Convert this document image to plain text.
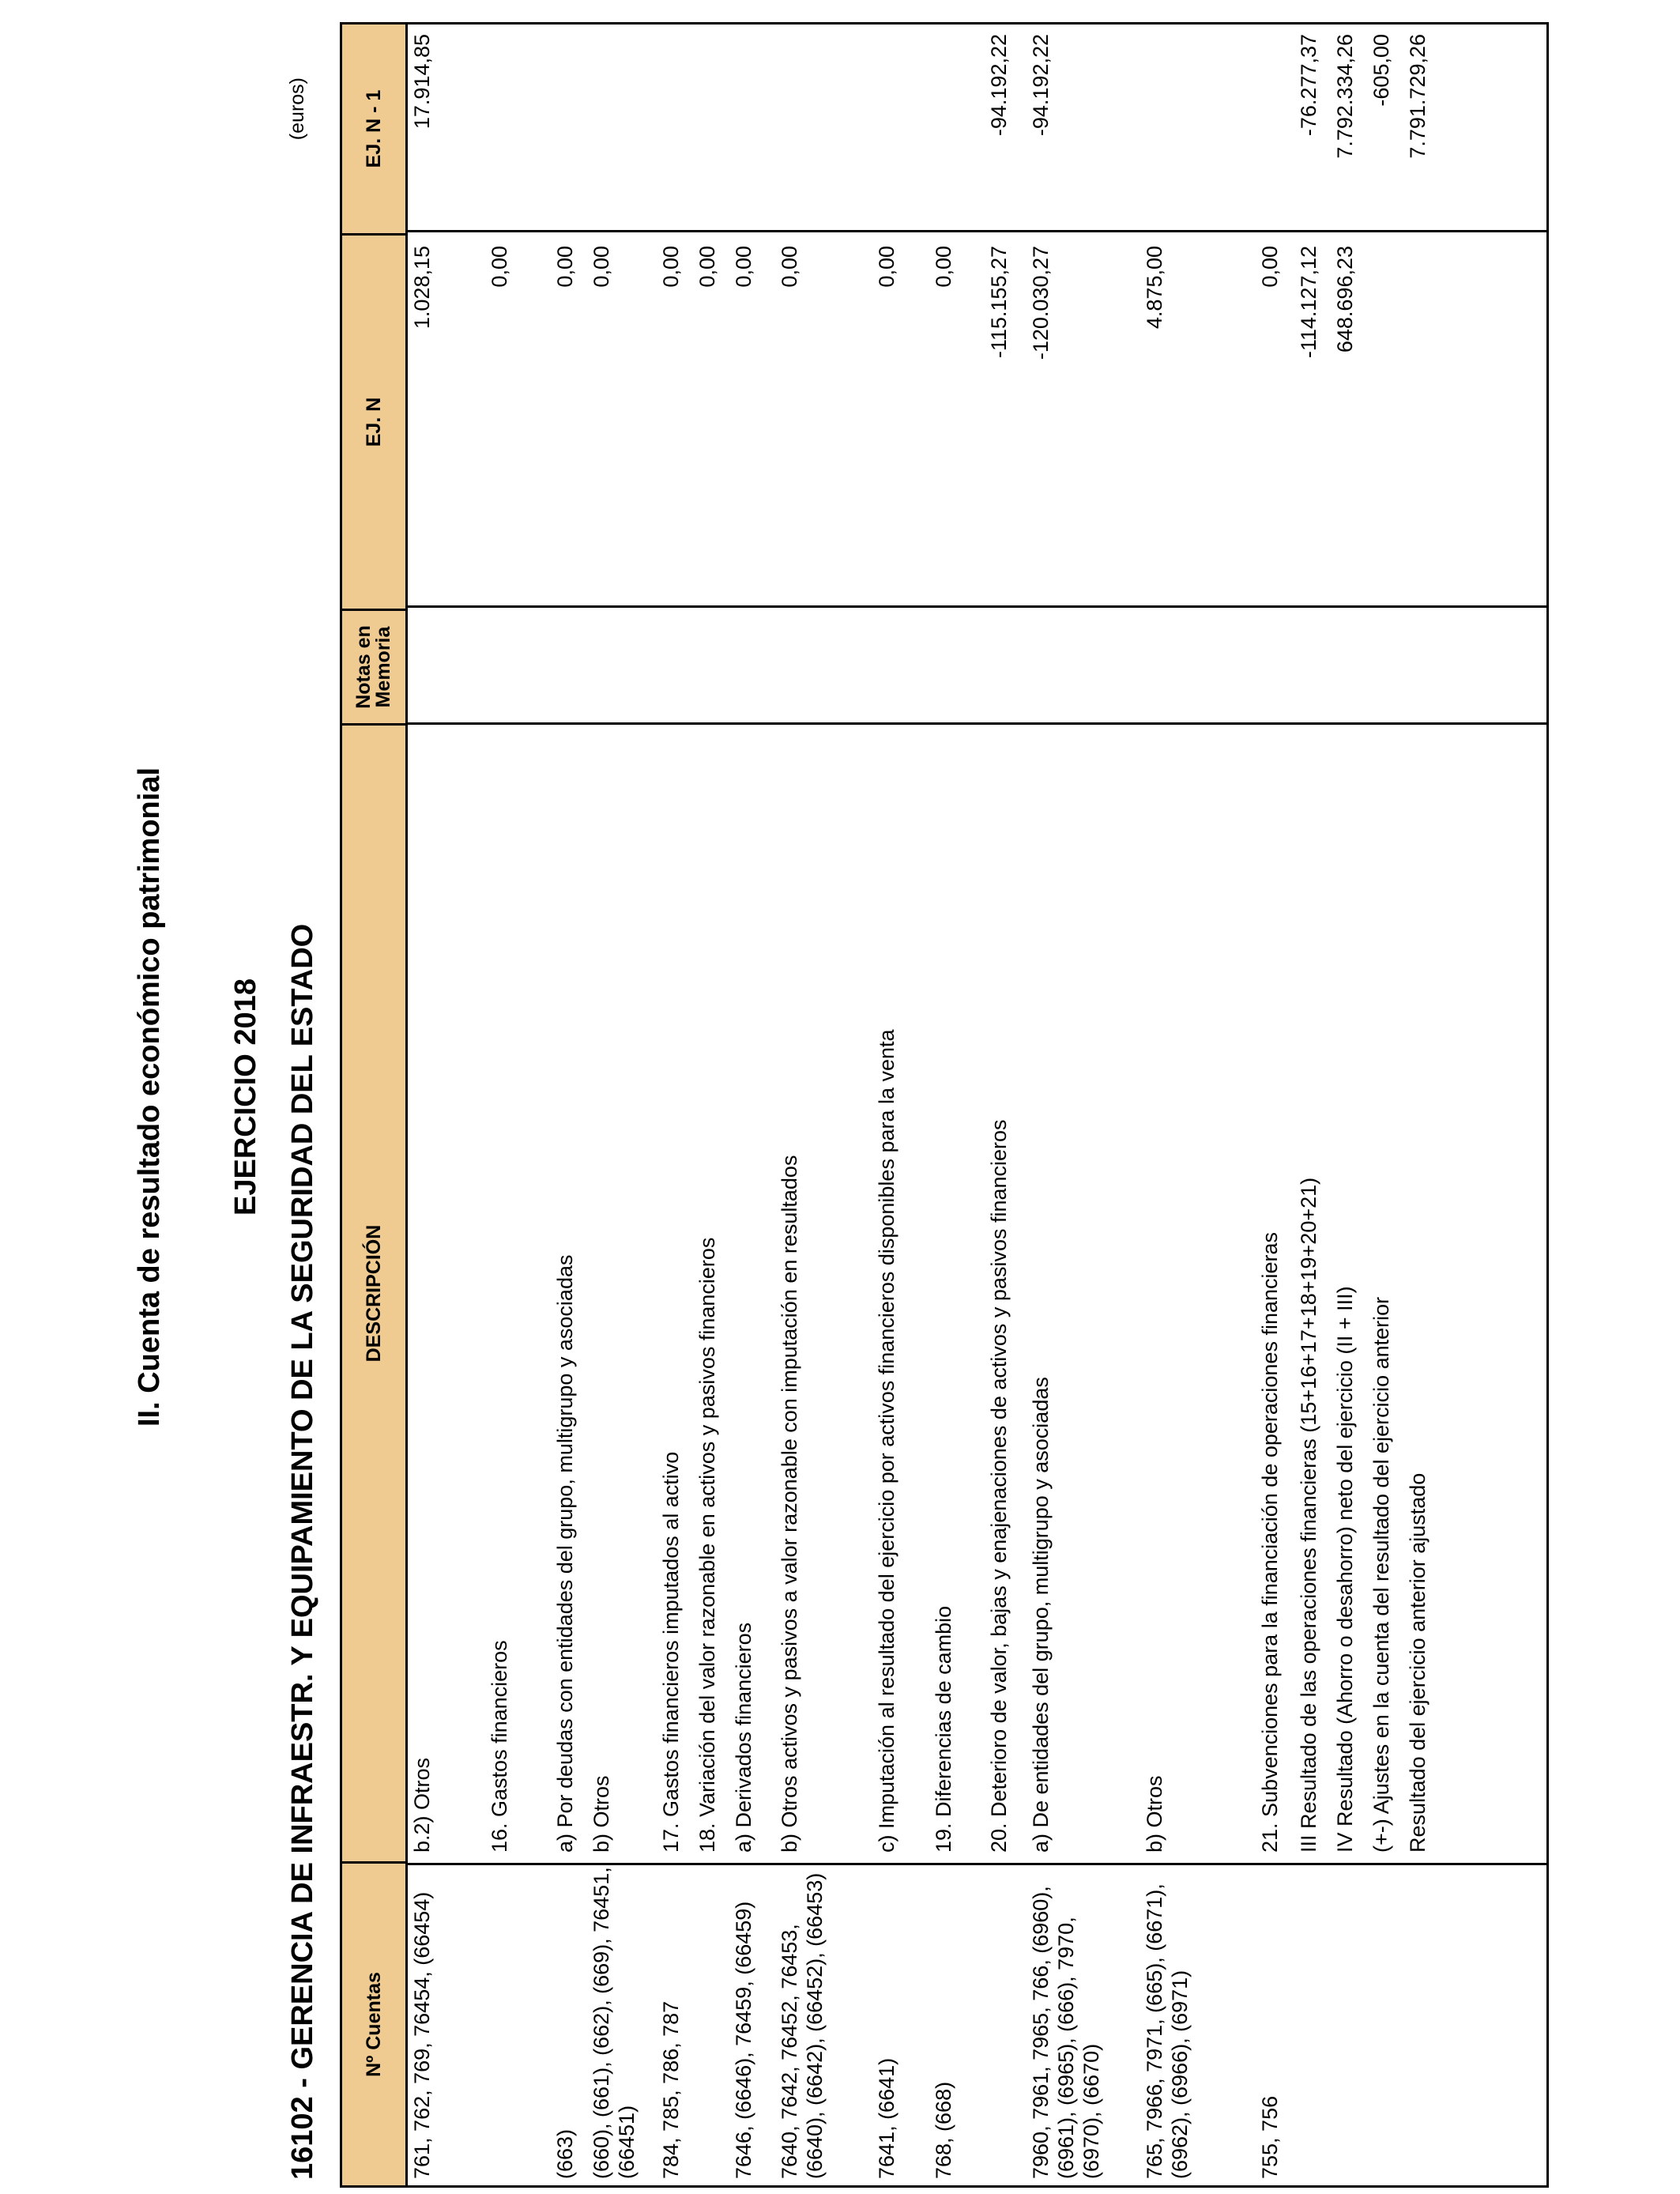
II. Cuenta de resultado económico patrimonial EJERCICIO 2018 16102 - GERENCIA DE INFRAESTR. Y EQUIPAMIENTO DE LA SEGURIDAD DEL ESTADO
(euros)
Nº Cuentas
DESCRIPCIÓN
Notas en Memoria
EJ. N
EJ. N - 1
761, 762, 769, 76454, (66454)
b.2) Otros
1.028,15
17.914,85
16. Gastos financieros
0,00
(663)
a) Por deudas con entidades del grupo, multigrupo y asociadas
0,00
(660), (661), (662), (669), 76451, (66451)
b) Otros
0,00
784, 785, 786, 787
17. Gastos financieros imputados al activo
0,00
18. Variación del valor razonable en activos y pasivos financieros
0,00
7646, (6646), 76459, (66459)
a) Derivados financieros
0,00
7640, 7642, 76452, 76453, (6640), (6642), (66452), (66453)
b) Otros activos y pasivos a valor razonable con imputación en resultados
0,00
7641, (6641)
c) Imputación al resultado del ejercicio por activos financieros disponibles para la venta
0,00
768, (668)
19. Diferencias de cambio
0,00
20. Deterioro de valor, bajas y enajenaciones de activos y pasivos financieros
-115.155,27
-94.192,22
7960, 7961, 7965, 766, (6960), (6961), (6965), (666), 7970, (6970), (6670)
a) De entidades del grupo, multigrupo y asociadas
-120.030,27
-94.192,22
765, 7966, 7971, (665), (6671), (6962), (6966), (6971)
b) Otros
4.875,00
755, 756
21. Subvenciones para la financiación de operaciones financieras
0,00
III Resultado de las operaciones financieras (15+16+17+18+19+20+21)
-114.127,12
-76.277,37
IV Resultado (Ahorro o desahorro) neto del ejercicio (II + III)
648.696,23
7.792.334,26
(+-) Ajustes en la cuenta del resultado del ejercicio anterior
-605,00
Resultado del ejercicio anterior ajustado
7.791.729,26
